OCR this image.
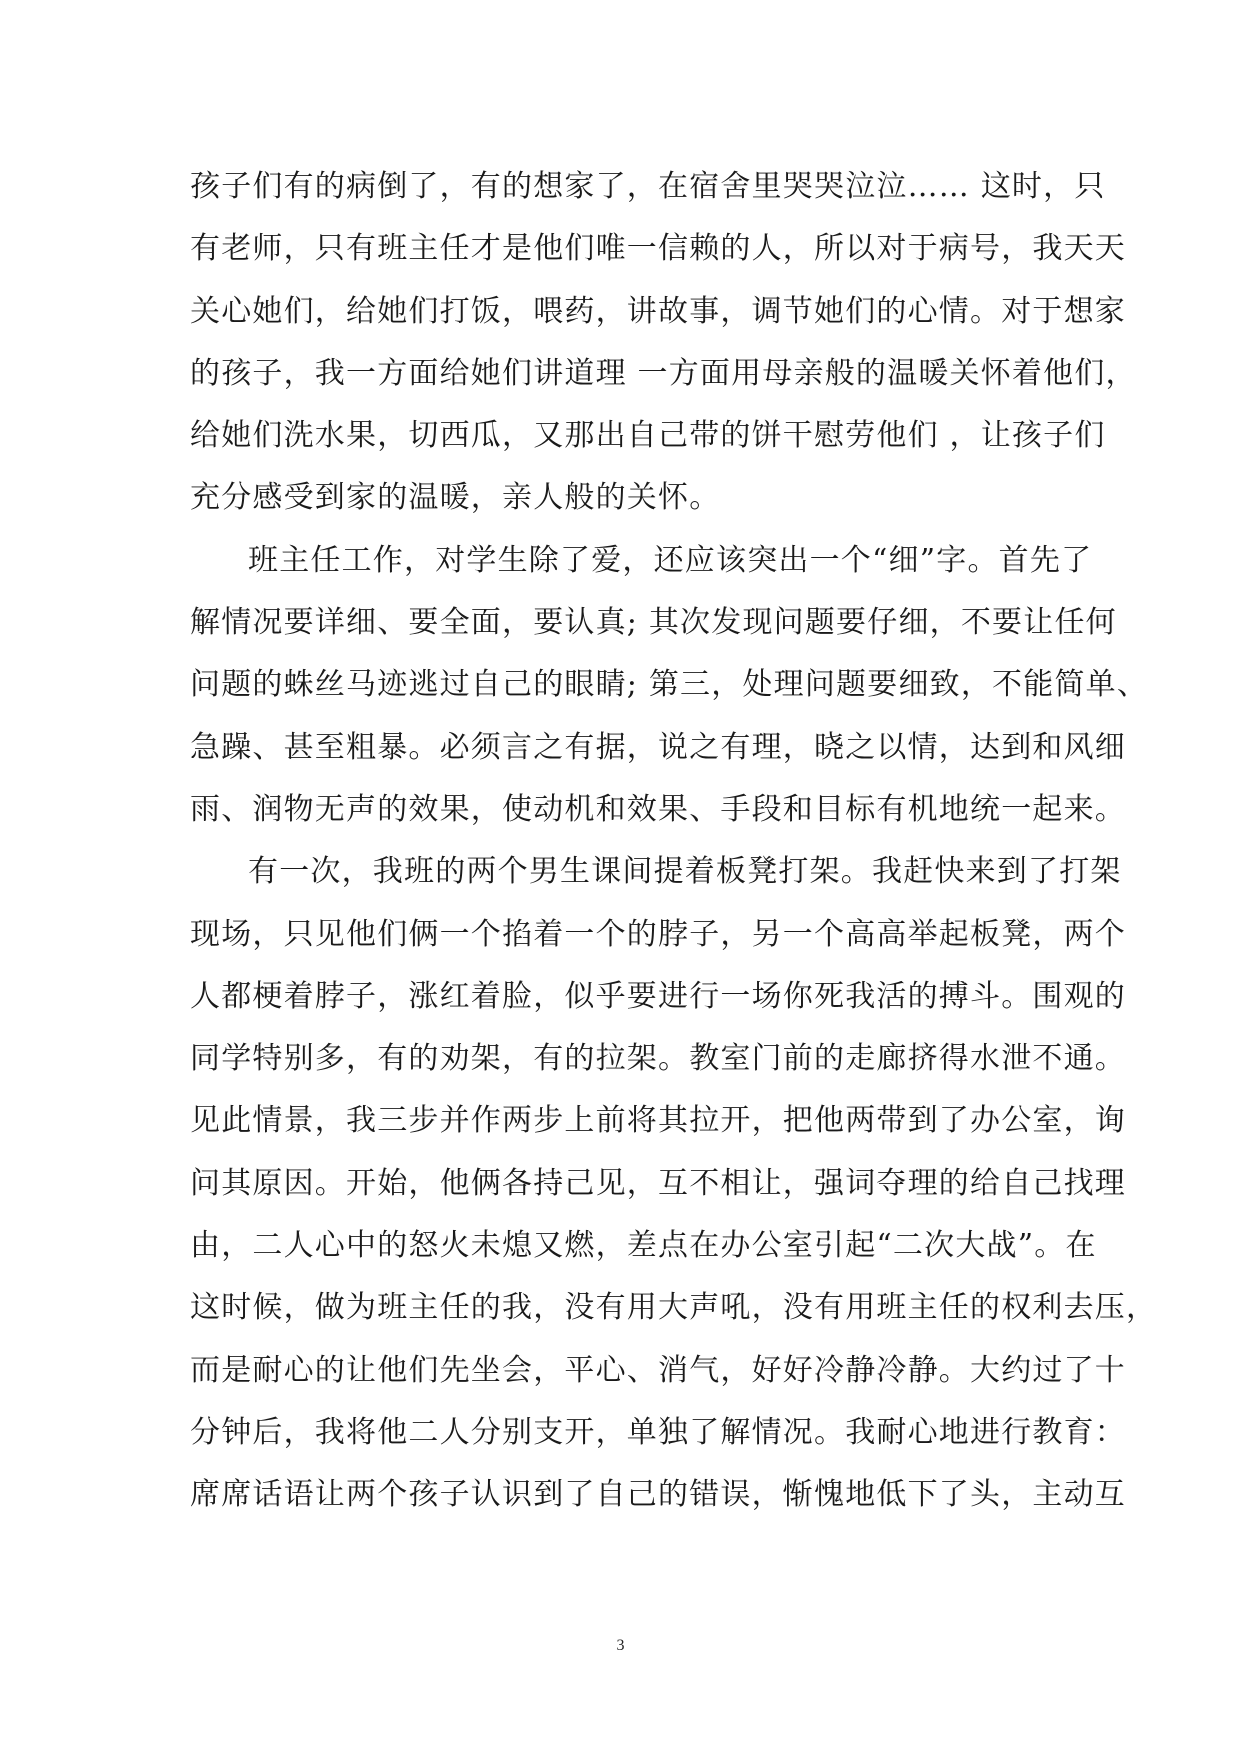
孩子们有的病倒了，有的想家了，在宿舍里哭哭泣泣…… 这时，只
有老师，只有班主任才是他们唯一信赖的人，所以对于病号，我天天
关心她们，给她们打饭，喂药，讲故事，调节她们的心情。对于想家
的孩子，我一方面给她们讲道理 一方面用母亲般的温暖关怀着他们，
给她们洗水果，切西瓜，又那出自己带的饼干慰劳他们 ，让孩子们
充分感受到家的温暖，亲人般的关怀。
班主任工作，对学生除了爱，还应该突出一个“细”字。首先了
解情况要详细、要全面，要认真; 其次发现问题要仔细，不要让任何
问题的蛛丝马迹逃过自己的眼睛; 第三，处理问题要细致，不能简单、
急躁、甚至粗暴。必须言之有据，说之有理，晓之以情，达到和风细
雨、润物无声的效果，使动机和效果、手段和目标有机地统一起来。
有一次，我班的两个男生课间提着板凳打架。我赶快来到了打架
现场，只见他们俩一个掐着一个的脖子，另一个高高举起板凳，两个
人都梗着脖子，涨红着脸，似乎要进行一场你死我活的搏斗。围观的
同学特别多，有的劝架，有的拉架。教室门前的走廊挤得水泄不通。
见此情景，我三步并作两步上前将其拉开，把他两带到了办公室，询
问其原因。开始，他俩各持己见，互不相让，强词夺理的给自己找理
由，二人心中的怒火未熄又燃，差点在办公室引起“二次大战”。在
这时候，做为班主任的我，没有用大声吼，没有用班主任的权利去压，
而是耐心的让他们先坐会，平心、消气，好好冷静冷静。大约过了十
分钟后，我将他二人分别支开，单独了解情况。我耐心地进行教育：
席席话语让两个孩子认识到了自己的错误，惭愧地低下了头，主动互
3
